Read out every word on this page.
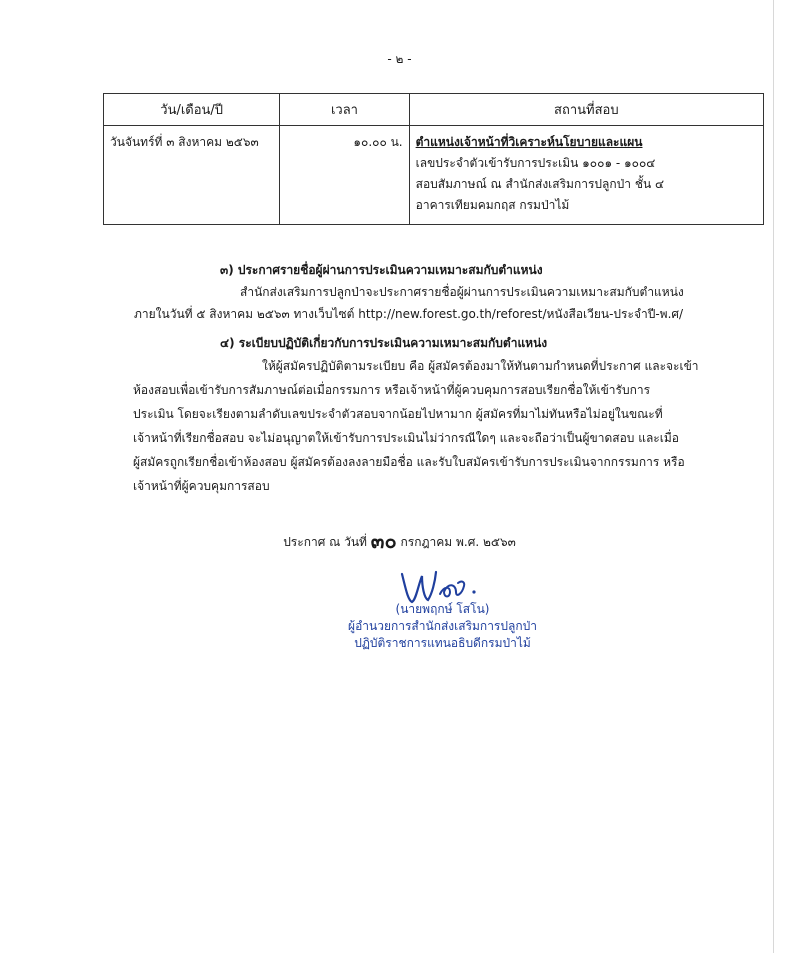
- ๒ -
วัน/เดือน/ปี	เวลา	สถานที่สอบ
วันจันทร์ที่ ๓ สิงหาคม ๒๕๖๓	๑๐.๐๐ น.	ตำแหน่งเจ้าหน้าที่วิเคราะห์นโยบายและแผน
เลขประจำตัวเข้ารับการประเมิน ๑๐๐๑ - ๑๐๐๔
สอบสัมภาษณ์ ณ สำนักส่งเสริมการปลูกป่า ชั้น ๔
อาคารเทียมคมกฤส กรมป่าไม้
๓) ประกาศรายชื่อผู้ผ่านการประเมินความเหมาะสมกับตำแหน่ง
สำนักส่งเสริมการปลูกป่าจะประกาศรายชื่อผู้ผ่านการประเมินความเหมาะสมกับตำแหน่ง
ภายในวันที่ ๕ สิงหาคม ๒๕๖๓ ทางเว็บไซต์ http://new.forest.go.th/reforest/หนังสือเวียน-ประจำปี-พ.ศ/
๔) ระเบียบปฏิบัติเกี่ยวกับการประเมินความเหมาะสมกับตำแหน่ง
ให้ผู้สมัครปฏิบัติตามระเบียบ คือ ผู้สมัครต้องมาให้ทันตามกำหนดที่ประกาศ และจะเข้า
ห้องสอบเพื่อเข้ารับการสัมภาษณ์ต่อเมื่อกรรมการ หรือเจ้าหน้าที่ผู้ควบคุมการสอบเรียกชื่อให้เข้ารับการ
ประเมิน โดยจะเรียงตามลำดับเลขประจำตัวสอบจากน้อยไปหามาก ผู้สมัครที่มาไม่ทันหรือไม่อยู่ในขณะที่
เจ้าหน้าที่เรียกชื่อสอบ จะไม่อนุญาตให้เข้ารับการประเมินไม่ว่ากรณีใดๆ และจะถือว่าเป็นผู้ขาดสอบ และเมื่อ
ผู้สมัครถูกเรียกชื่อเข้าห้องสอบ ผู้สมัครต้องลงลายมือชื่อ และรับใบสมัครเข้ารับการประเมินจากกรรมการ หรือ
เจ้าหน้าที่ผู้ควบคุมการสอบ
ประกาศ ณ วันที่ ๓๐ กรกฎาคม พ.ศ. ๒๕๖๓
(นายพฤกษ์ โสโน)
ผู้อำนวยการสำนักส่งเสริมการปลูกป่า
ปฏิบัติราชการแทนอธิบดีกรมป่าไม้
